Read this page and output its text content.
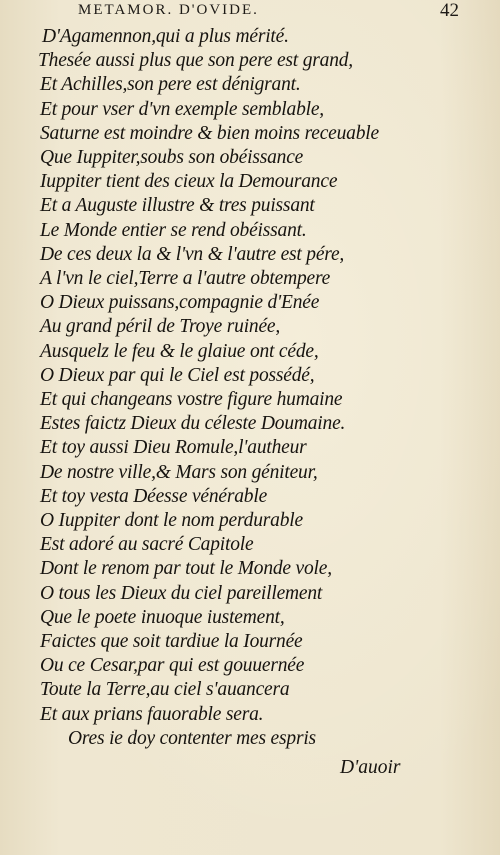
METAMOR. D'OVIDE.	42
D'Agamennon,qui a plus mérité.
Thesée aussi plus que son pere est grand,
Et Achilles,son pere est dénigrant.
Et pour vser d'vn exemple semblable,
Saturne est moindre & bien moins receuable
Que Iuppiter,soubs son obéissance
Iuppiter tient des cieux la Demourance
Et a Auguste illustre & tres puissant
Le Monde entier se rend obéissant.
De ces deux la & l'vn & l'autre est pére,
A l'vn le ciel,Terre a l'autre obtempere
O Dieux puissans,compagnie d'Enée
Au grand péril de Troye ruinée,
Ausquelz le feu & le glaiue ont céde,
O Dieux par qui le Ciel est possédé,
Et qui changeans vostre figure humaine
Estes faictz Dieux du céleste Doumaine.
Et toy aussi Dieu Romule,l'autheur
De nostre ville,& Mars son géniteur,
Et toy vesta Déesse vénérable
O Iuppiter dont le nom perdurable
Est adoré au sacré Capitole
Dont le renom par tout le Monde vole,
O tous les Dieux du ciel pareillement
Que le poete inuoque iustement,
Faictes que soit tardiue la Iournée
Ou ce Cesar,par qui est gouuernée
Toute la Terre,au ciel s'auancera
Et aux prians fauorable sera.
Ores ie doy contenter mes espris
D'auoir
